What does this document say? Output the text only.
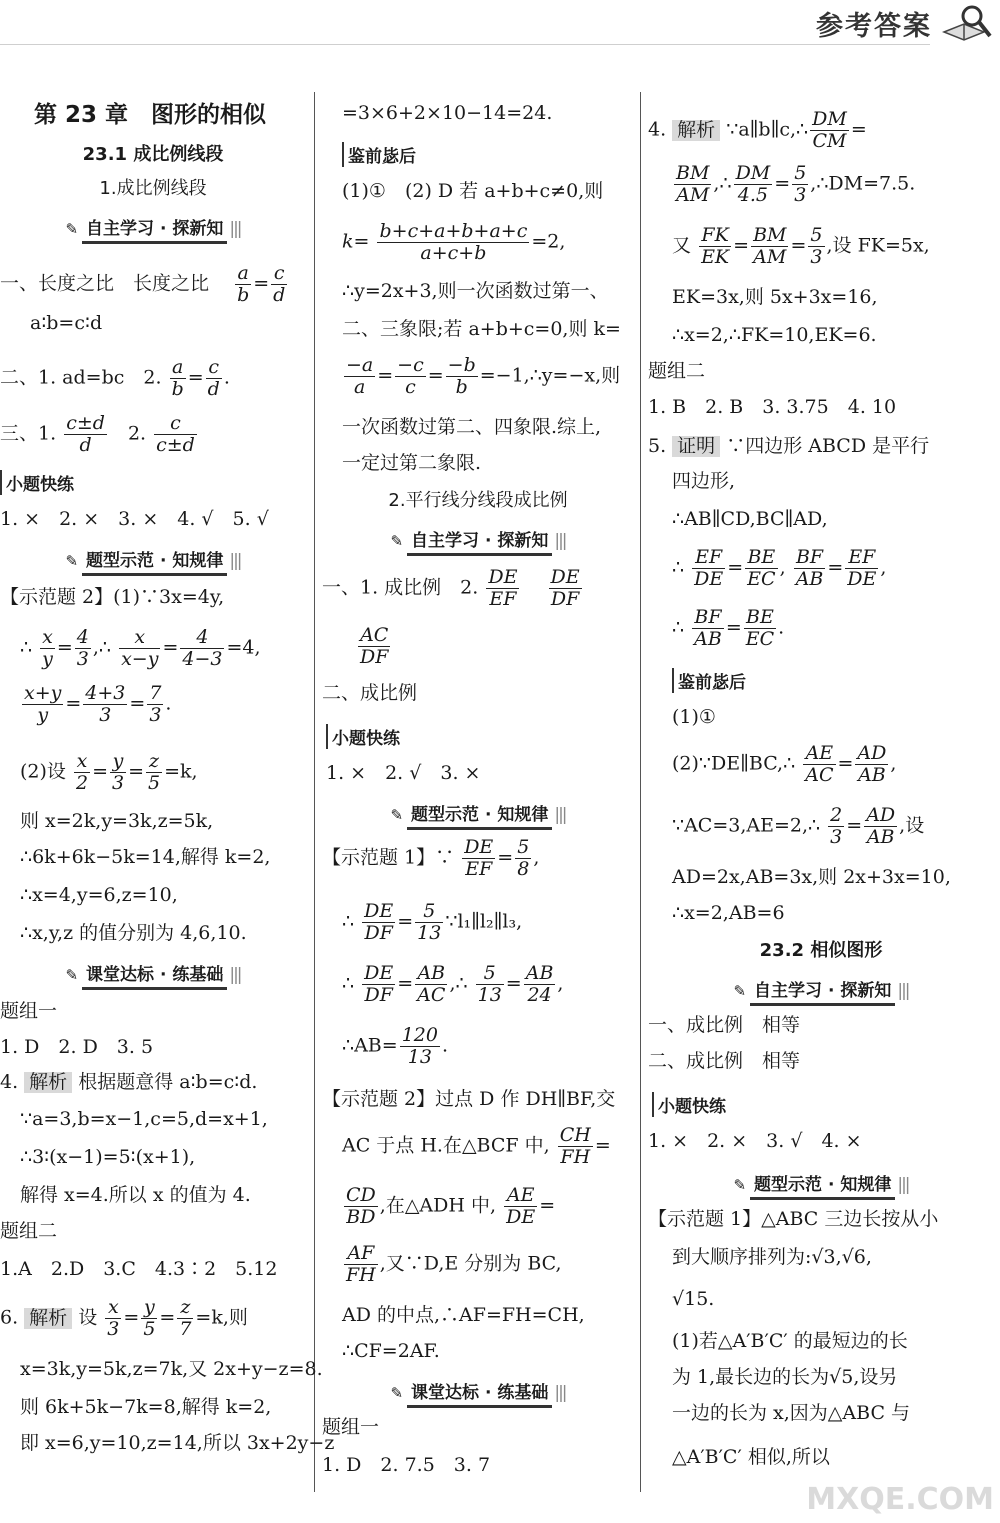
参考答案
第 23 章　图形的相似
23.1 成比例线段
1.成比例线段
✎ 自主学习 · 探新知 |||
一、长度之比　长度之比 $\frac{a}{b} = \frac{c}{d}$
a∶b=c∶d
二、1. ad=bc　2. $\frac{a}{b} = \frac{c}{d}$ .
三、1. $\frac{c\pm d}{d}$
　 2. $\frac{c}{c\pm d}$
小题快练
1. ×　2. ×　3. ×　4. √　5. √
✎ 题型示范 · 知规律 |||
【示范题 2】(1)∵3x=4y,
∴ $\frac{x}{y} = \frac{4}{3}$ ,∴ $\frac{x}{x-y} = \frac{4}{4-3} =4$,
$\frac{x+y}{y} = \frac{4+3}{3} = \frac{7}{3}$ .
(2)设 $\frac{x}{2} = \frac{y}{3} = \frac{z}{5} =k$,
则 x=2k,y=3k,z=5k,
∴6k+6k−5k=14,解得 k=2,
∴x=4,y=6,z=10,
∴x,y,z 的值分别为 4,6,10.
✎ 课堂达标 · 练基础 |||
题组一
1. D　2. D　3. 5
4. 解析 根据题意得 a∶b=c∶d.
∵a=3,b=x−1,c=5,d=x+1,
∴3∶(x−1)=5∶(x+1),
解得 x=4.所以 x 的值为 4.
题组二
1.A　2.D　3.C　4.3∶2　5.12
6. 解析 设 $\frac{x}{3} = \frac{y}{5} = \frac{z}{7} =k$,则
x=3k,y=5k,z=7k,又 2x+y−z=8.
则 6k+5k−7k=8,解得 k=2,
即 x=6,y=10,z=14,所以 3x+2y−z
=3×6+2×10−14=24.
鉴前毖后
(1)①　(2) D 若 a+b+c≠0,则
$k= \frac{b+c+a+b+a+c}{a+c+b} =2$,
∴y=2x+3,则一次函数过第一、
二、三象限;若 a+b+c=0,则 k=
$\frac{-a}{a} = \frac{-c}{c} = \frac{-b}{b}$ =−1,∴y=−x,则
一次函数过第二、四象限.综上,
一定过第二象限.
2.平行线分线段成比例
✎ 自主学习 · 探新知 |||
一、1. 成比例　2. $\frac{DE}{EF}$
　 $\frac{DE}{DF}$
$\frac{AC}{DF}$
二、成比例
小题快练
1. ×　2. √　3. ×
✎ 题型示范 · 知规律 |||
【示范题 1】∵ $\frac{DE}{EF} = \frac{5}{8}$ ,
∴ $\frac{DE}{DF} = \frac{5}{13}$ ∵l₁∥l₂∥l₃,
∴ $\frac{DE}{DF} = \frac{AB}{AC}$ ,∴ $\frac{5}{13} = \frac{AB}{24}$ ,
∴AB= $\frac{120}{13}$ .
【示范题 2】过点 D 作 DH∥BF,交
AC 于点 H.在△BCF 中, $\frac{CH}{FH}$ =
$\frac{CD}{BD}$ ,在△ADH 中, $\frac{AE}{DE}$ =
$\frac{AF}{FH}$ ,又∵D,E 分别为 BC,
AD 的中点,∴AF=FH=CH,
∴CF=2AF.
✎ 课堂达标 · 练基础 |||
题组一
1. D　2. 7.5　3. 7
4. 解析 ∵a∥b∥c,∴ $\frac{DM}{CM}$ =
$\frac{BM}{AM}$ ,∴ $\frac{DM}{4.5} = \frac{5}{3}$ ,∴DM=7.5.
又 $\frac{FK}{EK} = \frac{BM}{AM} = \frac{5}{3}$ ,设 FK=5x,
EK=3x,则 5x+3x=16,
∴x=2,∴FK=10,EK=6.
题组二
1. B　2. B　3. 3.75　4. 10
5. 证明 ∵四边形 ABCD 是平行
四边形,
∴AB∥CD,BC∥AD,
∴ $\frac{EF}{DE} = \frac{BE}{EC}$ , $\frac{BF}{AB} = \frac{EF}{DE}$ ,
∴ $\frac{BF}{AB} = \frac{BE}{EC}$ .
鉴前毖后
(1)①
(2)∵DE∥BC,∴ $\frac{AE}{AC} = \frac{AD}{AB}$ ,
∵AC=3,AE=2,∴ $\frac{2}{3} = \frac{AD}{AB}$ ,设
AD=2x,AB=3x,则 2x+3x=10,
∴x=2,AB=6
23.2 相似图形
✎ 自主学习 · 探新知 |||
一、成比例　相等
二、成比例　相等
小题快练
1. ×　2. ×　3. √　4. ×
✎ 题型示范 · 知规律 |||
【示范题 1】△ABC 三边长按从小
到大顺序排列为:√3,√6,
√15.
(1)若△A′B′C′ 的最短边的长
为 1,最长边的长为√5,设另
一边的长为 x,因为△ABC 与
△A′B′C′ 相似,所以
MXQE.COM
